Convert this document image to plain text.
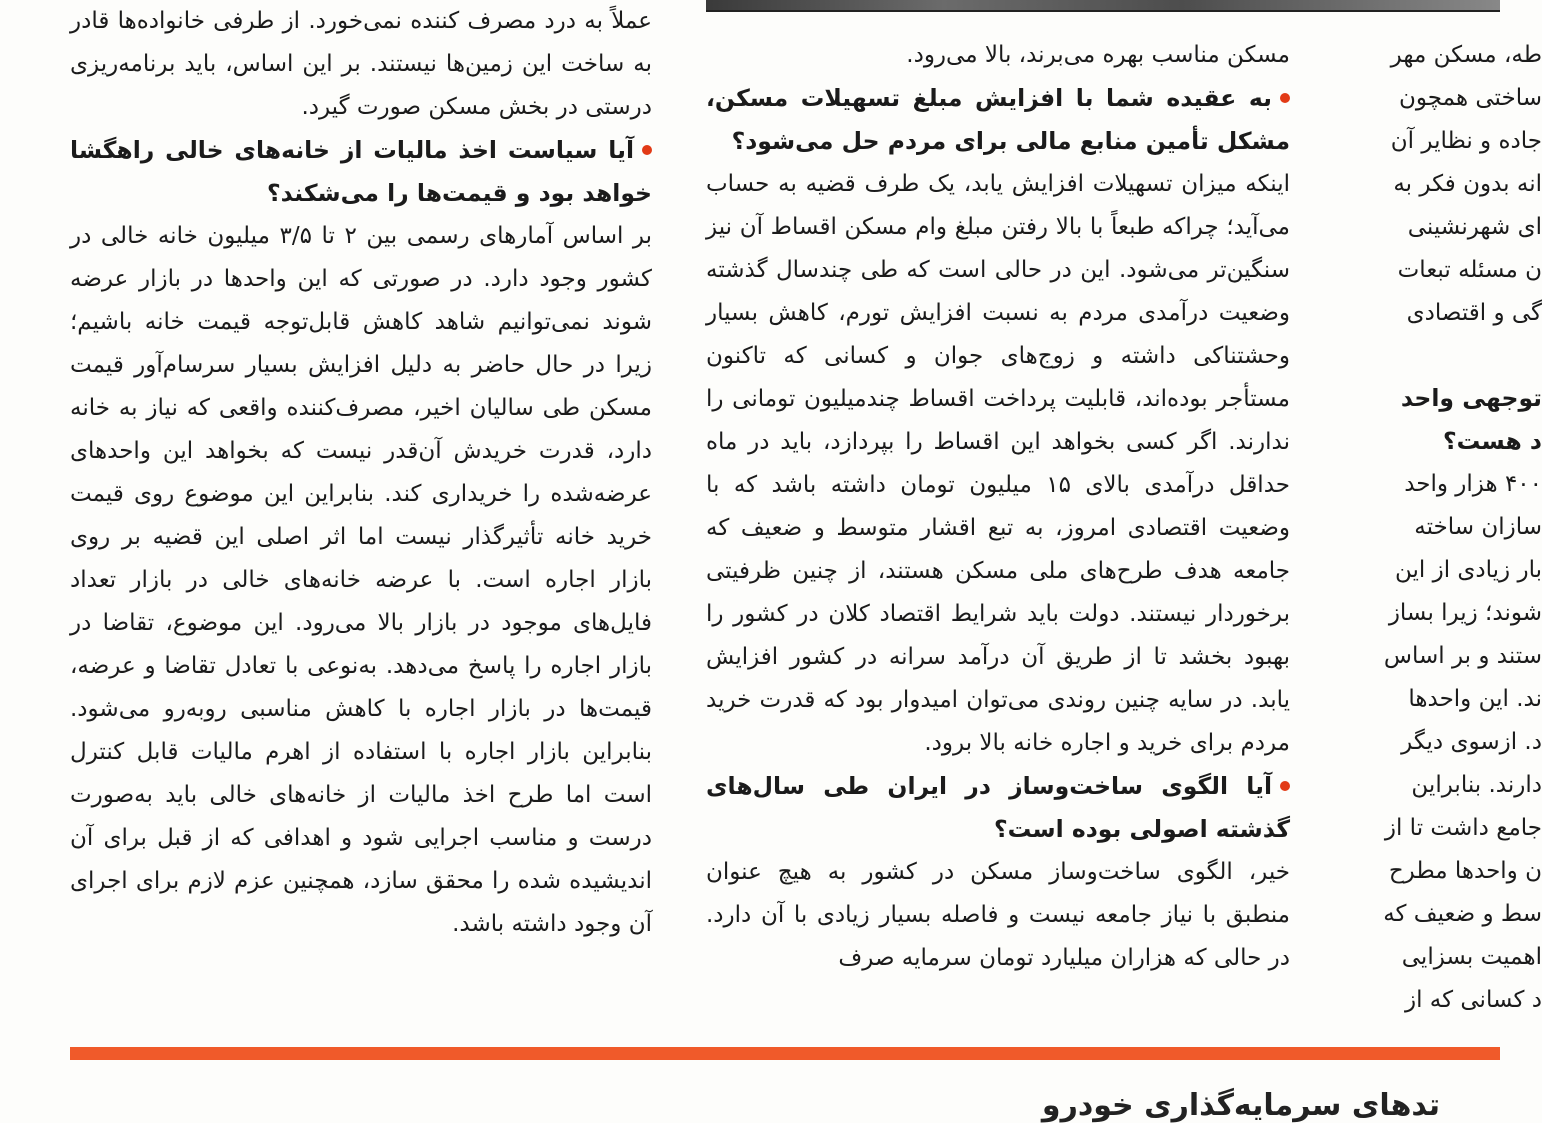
عملاً به درد مصرف کننده نمی‌خورد. از طرفی خانواده‌ها قادر به ساخت این زمین‌ها نیستند. بر این اساس، باید برنامه‌ریزی درستی در بخش مسکن صورت گیرد.

آیا سیاست اخذ مالیات از خانه‌های خالی راهگشا خواهد بود و قیمت‌ها را می‌شکند؟

بر اساس آمارهای رسمی بین ۲ تا ۳/۵ میلیون خانه خالی در کشور وجود دارد. در صورتی که این واحدها در بازار عرضه شوند نمی‌توانیم شاهد کاهش قابل‌توجه قیمت خانه باشیم؛ زیرا در حال حاضر به دلیل افزایش بسیار سرسام‌آور قیمت مسکن طی سالیان اخیر، مصرف‌کننده واقعی که نیاز به خانه دارد، قدرت خریدش آن‌قدر نیست که بخواهد این واحدهای عرضه‌شده را خریداری کند. بنابراین این موضوع روی قیمت خرید خانه تأثیرگذار نیست اما اثر اصلی این قضیه بر روی بازار اجاره است. با عرضه خانه‌های خالی در بازار تعداد فایل‌های موجود در بازار بالا می‌رود. این موضوع، تقاضا در بازار اجاره را پاسخ می‌دهد. به‌نوعی با تعادل تقاضا و عرضه، قیمت‌ها در بازار اجاره با کاهش مناسبی روبه‌رو می‌شود. بنابراین بازار اجاره با استفاده از اهرم مالیات قابل کنترل است اما طرح اخذ مالیات از خانه‌های خالی باید به‌صورت درست و مناسب اجرایی شود و اهدافی که از قبل برای آن اندیشیده شده را محقق سازد، همچنین عزم لازم برای اجرای آن وجود داشته باشد.

مسکن مناسب بهره می‌برند، بالا می‌رود.

به عقیده شما با افزایش مبلغ تسهیلات مسکن، مشکل تأمین منابع مالی برای مردم حل می‌شود؟

اینکه میزان تسهیلات افزایش یابد، یک طرف قضیه به حساب می‌آید؛ چراکه طبعاً با بالا رفتن مبلغ وام مسکن اقساط آن نیز سنگین‌تر می‌شود. این در حالی است که طی چندسال گذشته وضعیت درآمدی مردم به نسبت افزایش تورم، کاهش بسیار وحشتناکی داشته و زوج‌های جوان و کسانی که تاکنون مستأجر بوده‌اند، قابلیت پرداخت اقساط چندمیلیون تومانی را ندارند. اگر کسی بخواهد این اقساط را بپردازد، باید در ماه حداقل درآمدی بالای ۱۵ میلیون تومان داشته باشد که با وضعیت اقتصادی امروز، به تبع اقشار متوسط و ضعیف که جامعه هدف طرح‌های ملی مسکن هستند، از چنین ظرفیتی برخوردار نیستند. دولت باید شرایط اقتصاد کلان در کشور را بهبود بخشد تا از طریق آن درآمد سرانه در کشور افزایش یابد. در سایه چنین روندی می‌توان امیدوار بود که قدرت خرید مردم برای خرید و اجاره خانه بالا برود.

آیا الگوی ساخت‌وساز در ایران طی سال‌های گذشته اصولی بوده است؟

خیر، الگوی ساخت‌وساز مسکن در کشور به هیچ عنوان منطبق با نیاز جامعه نیست و فاصله بسیار زیادی با آن دارد. در حالی که هزاران میلیارد تومان سرمایه صرف

طه، مسکن مهر

ساختی همچون

جاده و نظایر آن

انه بدون فکر به

ای شهرنشینی

ن مسئله تبعات

گی و اقتصادی

توجهی واحد
د هست؟

۴۰۰ هزار واحد

سازان ساخته

بار زیادی از این

شوند؛ زیرا بساز

ستند و بر اساس

ند. این واحدها

د. ازسوی دیگر

دارند. بنابراین

جامع داشت تا از

ن واحدها مطرح

سط و ضعیف که

اهمیت بسزایی

د کسانی که از

تدهای سرمایه‌گذاری خودرو
